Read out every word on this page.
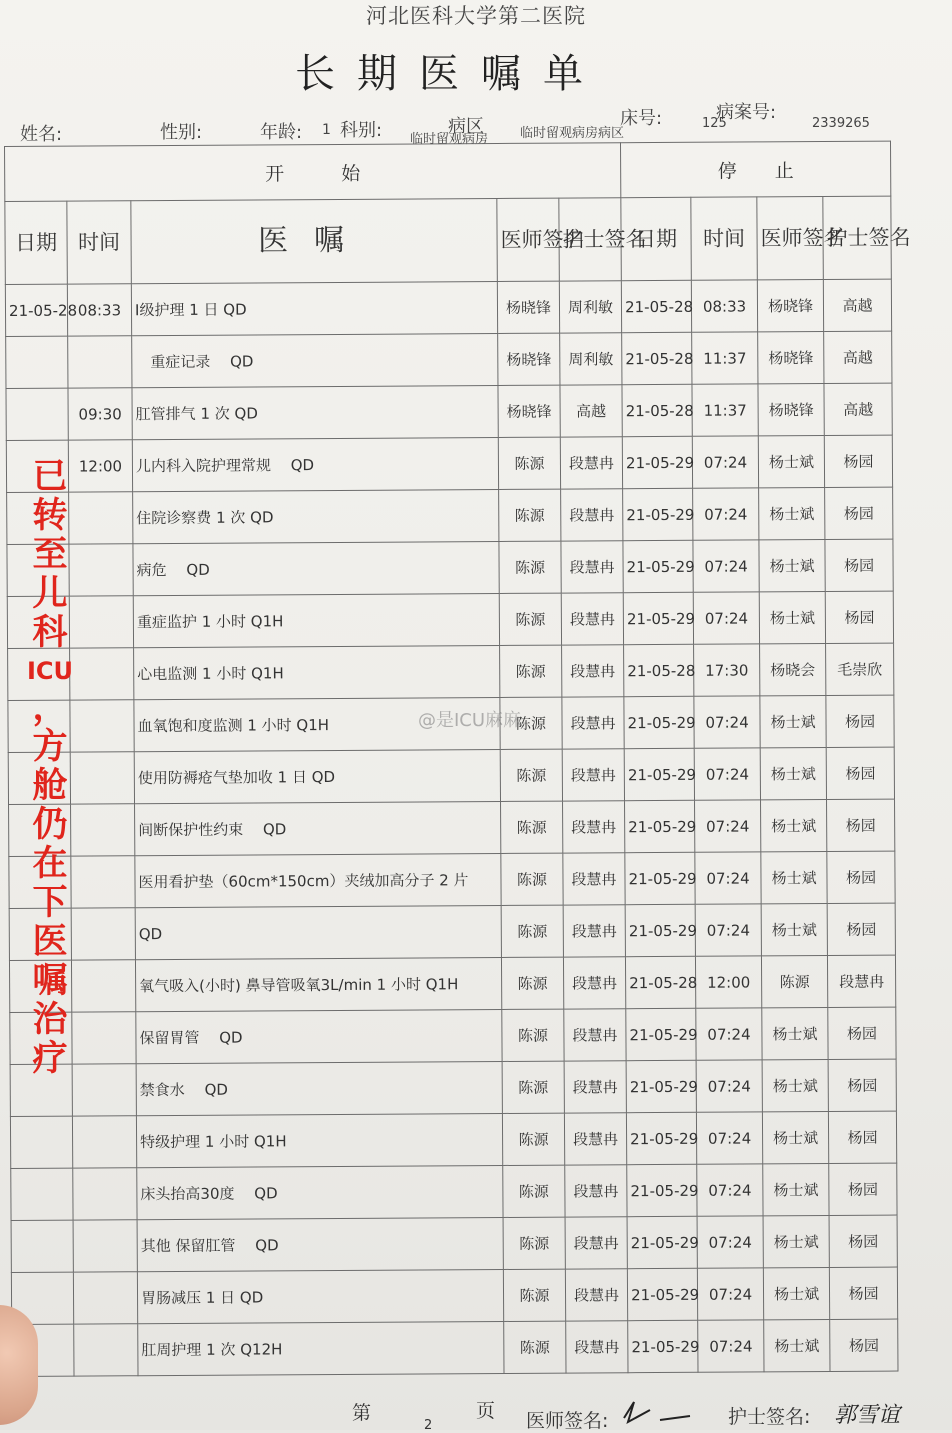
河北医科大学第二医院
长期医嘱单
姓名:	性别:	年龄: 1 科别: 临时留观病房
病区	临时留观病房病区
床号:	125
病案号:
2339265
开　　　始					停　　止			
日期	时间	医嘱	医师签名	护士签名	日期	时间	医师签名	护士签名
21-05-28	08:33	Ⅰ级护理 1 日 QD	杨晓锋	周利敏	21-05-28	08:33	杨晓锋	高越
		　重症记录　 QD	杨晓锋	周利敏	21-05-28	11:37	杨晓锋	高越
	09:30	肛管排气 1 次 QD	杨晓锋	高越	21-05-28	11:37	杨晓锋	高越
	12:00	儿内科入院护理常规　 QD	陈源	段慧冉	21-05-29	07:24	杨士斌	杨园
		住院诊察费 1 次 QD	陈源	段慧冉	21-05-29	07:24	杨士斌	杨园
		病危　 QD	陈源	段慧冉	21-05-29	07:24	杨士斌	杨园
		重症监护 1 小时 Q1H	陈源	段慧冉	21-05-29	07:24	杨士斌	杨园
		心电监测 1 小时 Q1H	陈源	段慧冉	21-05-28	17:30	杨晓会	毛崇欣
		血氧饱和度监测 1 小时 Q1H	陈源	段慧冉	21-05-29	07:24	杨士斌	杨园
		使用防褥疮气垫加收 1 日 QD	陈源	段慧冉	21-05-29	07:24	杨士斌	杨园
		间断保护性约束　 QD	陈源	段慧冉	21-05-29	07:24	杨士斌	杨园
		医用看护垫（60cm*150cm）夹绒加高分子 2 片	陈源	段慧冉	21-05-29	07:24	杨士斌	杨园
		QD	陈源	段慧冉	21-05-29	07:24	杨士斌	杨园
		氧气吸入(小时) 鼻导管吸氧3L/min 1 小时 Q1H	陈源	段慧冉	21-05-28	12:00	陈源	段慧冉
		保留胃管　 QD	陈源	段慧冉	21-05-29	07:24	杨士斌	杨园
		禁食水　 QD	陈源	段慧冉	21-05-29	07:24	杨士斌	杨园
		特级护理 1 小时 Q1H	陈源	段慧冉	21-05-29	07:24	杨士斌	杨园
		床头抬高30度　 QD	陈源	段慧冉	21-05-29	07:24	杨士斌	杨园
		其他 保留肛管　 QD	陈源	段慧冉	21-05-29	07:24	杨士斌	杨园
		胃肠减压 1 日 QD	陈源	段慧冉	21-05-29	07:24	杨士斌	杨园
		肛周护理 1 次 Q12H	陈源	段慧冉	21-05-29	07:24	杨士斌	杨园
第
2
页 医师签名:	护士签名: 郭雪谊
已
转
至
儿
科
ICU
，
方
舱
仍
在
下
医
嘱
治
疗
@是ICU麻麻
